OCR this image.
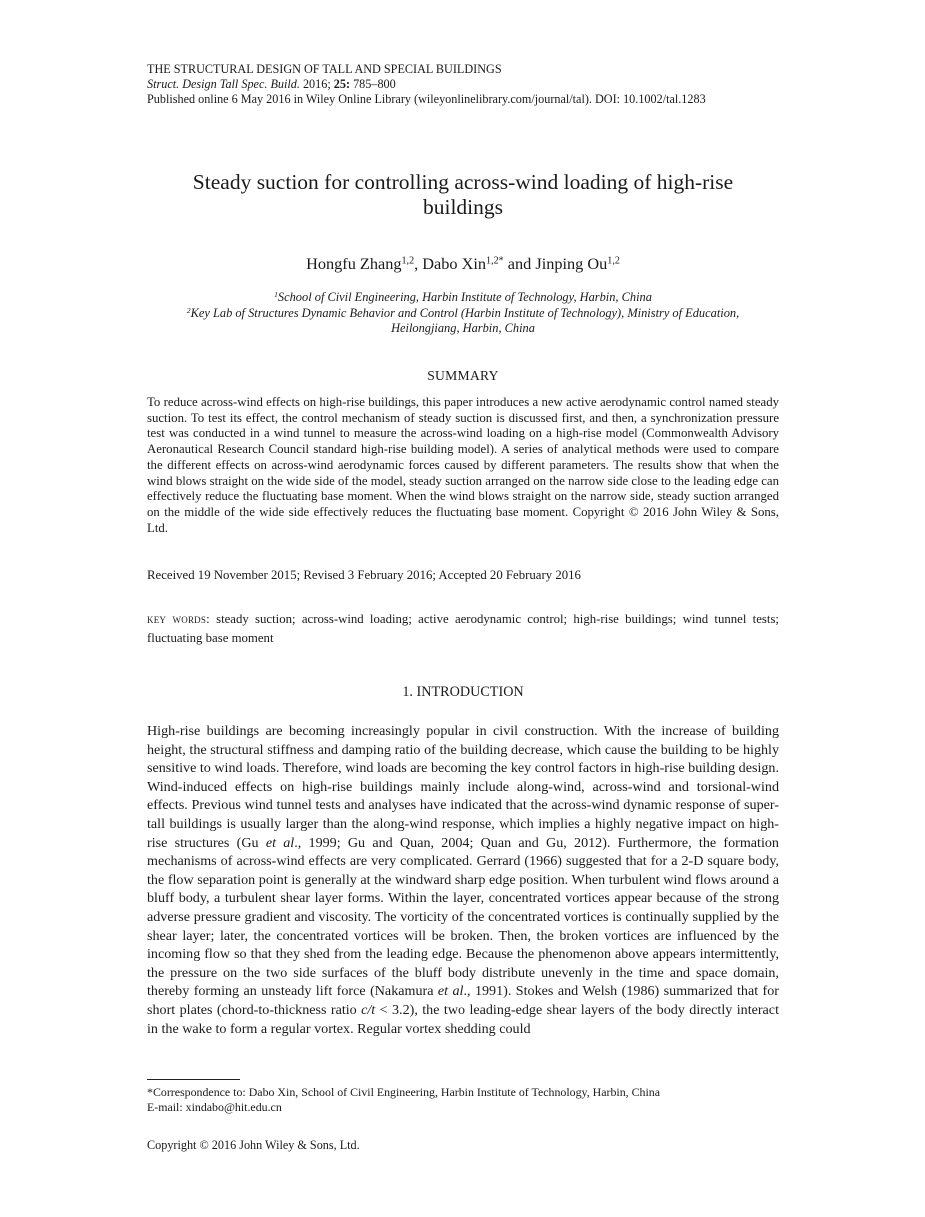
THE STRUCTURAL DESIGN OF TALL AND SPECIAL BUILDINGS
Struct. Design Tall Spec. Build. 2016; 25: 785–800
Published online 6 May 2016 in Wiley Online Library (wileyonlinelibrary.com/journal/tal). DOI: 10.1002/tal.1283
Steady suction for controlling across-wind loading of high-rise
buildings
Hongfu Zhang$^{1,2}$, Dabo Xin$^{1,2*}$ and Jinping Ou$^{1,2}$
$^1$School of Civil Engineering, Harbin Institute of Technology, Harbin, China
$^2$Key Lab of Structures Dynamic Behavior and Control (Harbin Institute of Technology), Ministry of Education,
Heilongjiang, Harbin, China
SUMMARY
To reduce across-wind effects on high-rise buildings, this paper introduces a new active aerodynamic control named steady suction. To test its effect, the control mechanism of steady suction is discussed first, and then, a synchronization pressure test was conducted in a wind tunnel to measure the across-wind loading on a high-rise model (Commonwealth Advisory Aeronautical Research Council standard high-rise building model). A series of analytical methods were used to compare the different effects on across-wind aerodynamic forces caused by different parameters. The results show that when the wind blows straight on the wide side of the model, steady suction arranged on the narrow side close to the leading edge can effectively reduce the fluctuating base moment. When the wind blows straight on the narrow side, steady suction arranged on the middle of the wide side effectively reduces the fluctuating base moment. Copyright © 2016 John Wiley & Sons, Ltd.
Received 19 November 2015; Revised 3 February 2016; Accepted 20 February 2016
key words: steady suction; across-wind loading; active aerodynamic control; high-rise buildings; wind tunnel tests; fluctuating base moment
1. INTRODUCTION
High-rise buildings are becoming increasingly popular in civil construction. With the increase of building height, the structural stiffness and damping ratio of the building decrease, which cause the building to be highly sensitive to wind loads. Therefore, wind loads are becoming the key control factors in high-rise building design. Wind-induced effects on high-rise buildings mainly include along-wind, across-wind and torsional-wind effects. Previous wind tunnel tests and analyses have indicated that the across-wind dynamic response of super-tall buildings is usually larger than the along-wind response, which implies a highly negative impact on high-rise structures (Gu et al., 1999; Gu and Quan, 2004; Quan and Gu, 2012). Furthermore, the formation mechanisms of across-wind effects are very complicated. Gerrard (1966) suggested that for a 2-D square body, the flow separation point is generally at the windward sharp edge position. When turbulent wind flows around a bluff body, a turbulent shear layer forms. Within the layer, concentrated vortices appear because of the strong adverse pressure gradient and viscosity. The vorticity of the concentrated vortices is continually supplied by the shear layer; later, the concentrated vortices will be broken. Then, the broken vortices are influenced by the incoming flow so that they shed from the leading edge. Because the phenomenon above appears intermittently, the pressure on the two side surfaces of the bluff body distribute unevenly in the time and space domain, thereby forming an unsteady lift force (Nakamura et al., 1991). Stokes and Welsh (1986) summarized that for short plates (chord-to-thickness ratio c/t < 3.2), the two leading-edge shear layers of the body directly interact in the wake to form a regular vortex. Regular vortex shedding could
*Correspondence to: Dabo Xin, School of Civil Engineering, Harbin Institute of Technology, Harbin, China
E-mail: xindabo@hit.edu.cn
Copyright © 2016 John Wiley & Sons, Ltd.
